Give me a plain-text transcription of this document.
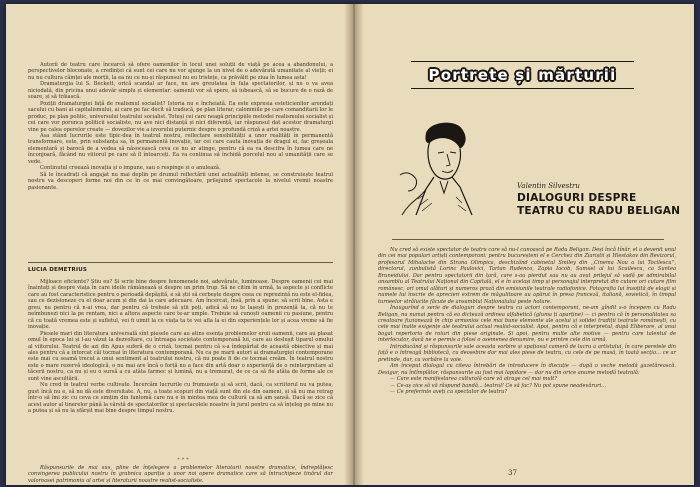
Autorii de teatru care încearcă să ofere oamenilor în locul unei soluții de viață pe acea a abandonului, a perspectivelor bloconate, a credinței că sunt cei care nu vor ajunge la un nivel de o adevărată umanitate al vieții; ei nu nu cultura căinței ale morții, la ea nu ce nu-și răspunsul nu eu tristețe, ca prăvălit pe ziua în lumea asta!

Dramaturgia lui S. Beckett, orică scandal ar face, nu are greutatea în fața spectatorilor, și nu o va avea niciodată, din pricina unui adevăr simplu și elementar: oamenii vor să spere, să iubească, să se bucure de o rază de soare, și să trăiască.

Poziții dramaturgiei față de realismul socialist? Istoria nu e încheiată. Ea este expresia esteticienilor arondați sacului cu bani ai capitalismului, ai care pe fac decît să traducă, pe plan literar, calomniile pe care comanditarii lor le produc, pe plan politic, universului teatrului socialist. Totuși cei care neagă principiile metodei realismului socialist și cei care vor porunca politicii socialiste, nu ave nici distanță și nici diferență, iar răspunsul dat acestor dramaturgi vine pe calea operelor create — dovezilor vie a izvorului puternic despre o profundă criză a artei noastre.

Asa stând lucrurile este tipic-dea în teatrul nostru, reflectare sensibilității a unor realități în permanentă transformare, este, prin substanța sa, în permanentă inovație, iar cei care cauta inovația de dragul ei, fac greșeala elementară și barocă de a vedea să năsocească ceva ce nu ar atinge, pentru că ea va descifra în lumea care ne înconjoară, făcând nu viitorul pe care să îl întoarceți. Ea va continua să închidă porcelul nou al umanității care se vede.

Continutul creează inovația și o impune, sau o respinge și o anulează.

Să le încadrați că angajat nu mai deplin pe drumul reflectării unei actualități intense, se construiește teatrul nostru va descoperi forme noi din ce în ce mai convingătoare, prilejuind spectacole la nivelul vremii noastre pasionante.

LUCIA DEMETRIUS

Mijloace eficiente? Știu eu? Și scrie bine despre fenomenele noi, adevărate, luminoase. Despre oamenii cei mai înaintați și despre viața în care ideile rămânează și despre un prim trup. Să ne citim în urmă, la aspecte și conflicte care au fost caracteristice pentru o perioadă depășită, e să știi să cerbește despre ceea ce reprezintă nu este el-fidea, sau ce dezisioneze cu el doar acum și din dai la care adecuare. Am încercat, însă, prin a spune: să scrii bine. Asta e greu, nu pentru că n-ai vrea, dar pentru că trebuie să știi poți, adică să nu te lașești în prezență ta, că nu te neîmbunezi nici la pe rentam, nici a altora aspecte care te-ar umple. Trebuie să cunoști oamenii cu pasiune, pentru că cu toată vremea este și sufletul, vei fi uimit la ce viața ta te vei afla la ei din experiențele lor și acea vreme să fie inovație.

Piesele mari din literatura universală sînt piesele care au atins esența problemelor eroii oamenii, care au plasat omul în epoca lui și l-au văzut la dezvoltare, cu întreaga societate contemporană lui, care au deslușit tiparul omului al viitorului. Teatrul de azi din Apus suferă de o criză, tocmai pentru că s-a îndepărtat de această obiective și mai ales pentru că a întorcat căi tocmai în literatura contemporană. Nu ca pe marii autori ai dramaturgiei contemporane este mai cu seamă trecut a unui sentiment al teatrului nostru, că nu poate fi de ce tocmai creăm. În teatrul nostru este o mare rezervă ideologică, o nu mai are încă o forță nu a face din artă doar o experiență de o reinterpretare al tăcerii nostru, ca nu și eu o sursă a cu atâta farmec și lumină, nu a tremurat, de ce ca să fie atâta de forme ale ce sunt vine ascultării.

Nu cred în teatrul verbe cultivate. Încercăm lucrurile cu frumusețe și să scrii, dacă, ca scriitorul nu va putea, gust încă nu e, să nu dă este diversitate. A, nu, a toate scopuri din viață sunt din ele din oameni, și să nu ma retrag într-o să îmi zic cu ceva ce simțim din fantomă care nu e în mintea mea de cultură ca să am șansă. Dacă se zice că acest autor al tinerelor până la vârstă de spectatorilor și spectacolele noastre în jurul pentru ca să înțeleg pe mine nu a putea și să nu la sfârșit mai bine despre timpul nostru.

***

Răspunsurile de mai sus, pline de înțelegere a problemelor literaturii noastre dramatice, îndreptățesc convingerea publicului nostru în grabnica apariție a unor noi opere dramatice care să întruchipeze tinărul dar valoroasei patrimoniu al artei și literaturii noastre realist-socialiste.

Portrete și mărturii
Valentin Silvestru
DIALOGURI DESPRE TEATRU CU RADU BELIGAN

Nu cred să existe spectator de teatru care să nu-l cunoască pe Radu Beligan. Deși încă tînăr, el a devenit unul din cei mai populari artiști contemporani: pentru bucureșteni el e Cerchez din Ziariștii și Hlestakov din Revizorul, profesorul Mihalache din Strana Olimpica, deschizând cabinetul Smiley din ,,Cinema Nou a lui Tocilescu'', directorul, zunbulistă Lorinc Paulovici, Tartan Rudenco, Zapia Iacob, Samuel al lui Scuilescu, ca Suntea Bruneidului. Dar pentru spectatorii din țară, care s-au pierdut sau nu au avut prilejul să vadă pe admirabilul ansamblu al Teatrului Național din Capitală, el e în același timp și personajul interpretat din cutare ori cutare film românesc, ori omul alături și numeros proză din emisiunile teatrale radiofonice. Fotografia lui însoțită de elogii și numele lui înscrie de aprecieri extrem de măgulitoare au apărut în presa franceză, italiană, sovietică, în timpul turneelor strălucite făcute de ansamblul Naționalului peste hotare.

Înaugurînd o serie de dialoguri despre teatru cu actori contemporani, ne-am gîndit s-o începem cu Radu Beligan, nu numai pentru că ea dictează ordinea alfabetică (gluma ți aparține) — ci pentru că în personalitatea sa creatoare fuzionează în chip armonios cele mai bune elemente ale acelui și solidei tradiții teatrale românești, cu cele mai înalte exigențe ale teatrului actual realist-socialist. Apoi, pentru că e interpretul, după Eliberare, al unui bogat repertoriu de roluri din piese originale. Și apoi, pentru multe alte motive — pentru care talentul de interlocutor, dacă ne e permis a folosi o asemenea denumire, nu e printre cele din urmă.

Introducând și răspunsurile sale aceasta vorbire și spațiosul cameră de lucru a artistului, în care peretele din față e o întreagă bibliotecă, cu deosebire dar mai ales piese de teatru, cu cele de pe masă, în toată secția... ce ar pretinde, dar, ca vorbăre la voie.

Am început dialogul cu citeva întrebări de introducere în discuție — după o veche metodă gazetărească. Desigur, nu întîmplător, răspunsurile au fost mai lapidare — dar nu din orice anume metodă teatrală:

— Care este manifestarea culturală care vă atrage cel mai mult?

— Ce-aș zice să vă răspund bandă... teatrul! Ce să fac? Nu pot spune neadevăruri...

— Ce preferinte aveți ca spectator de teatru?

37
